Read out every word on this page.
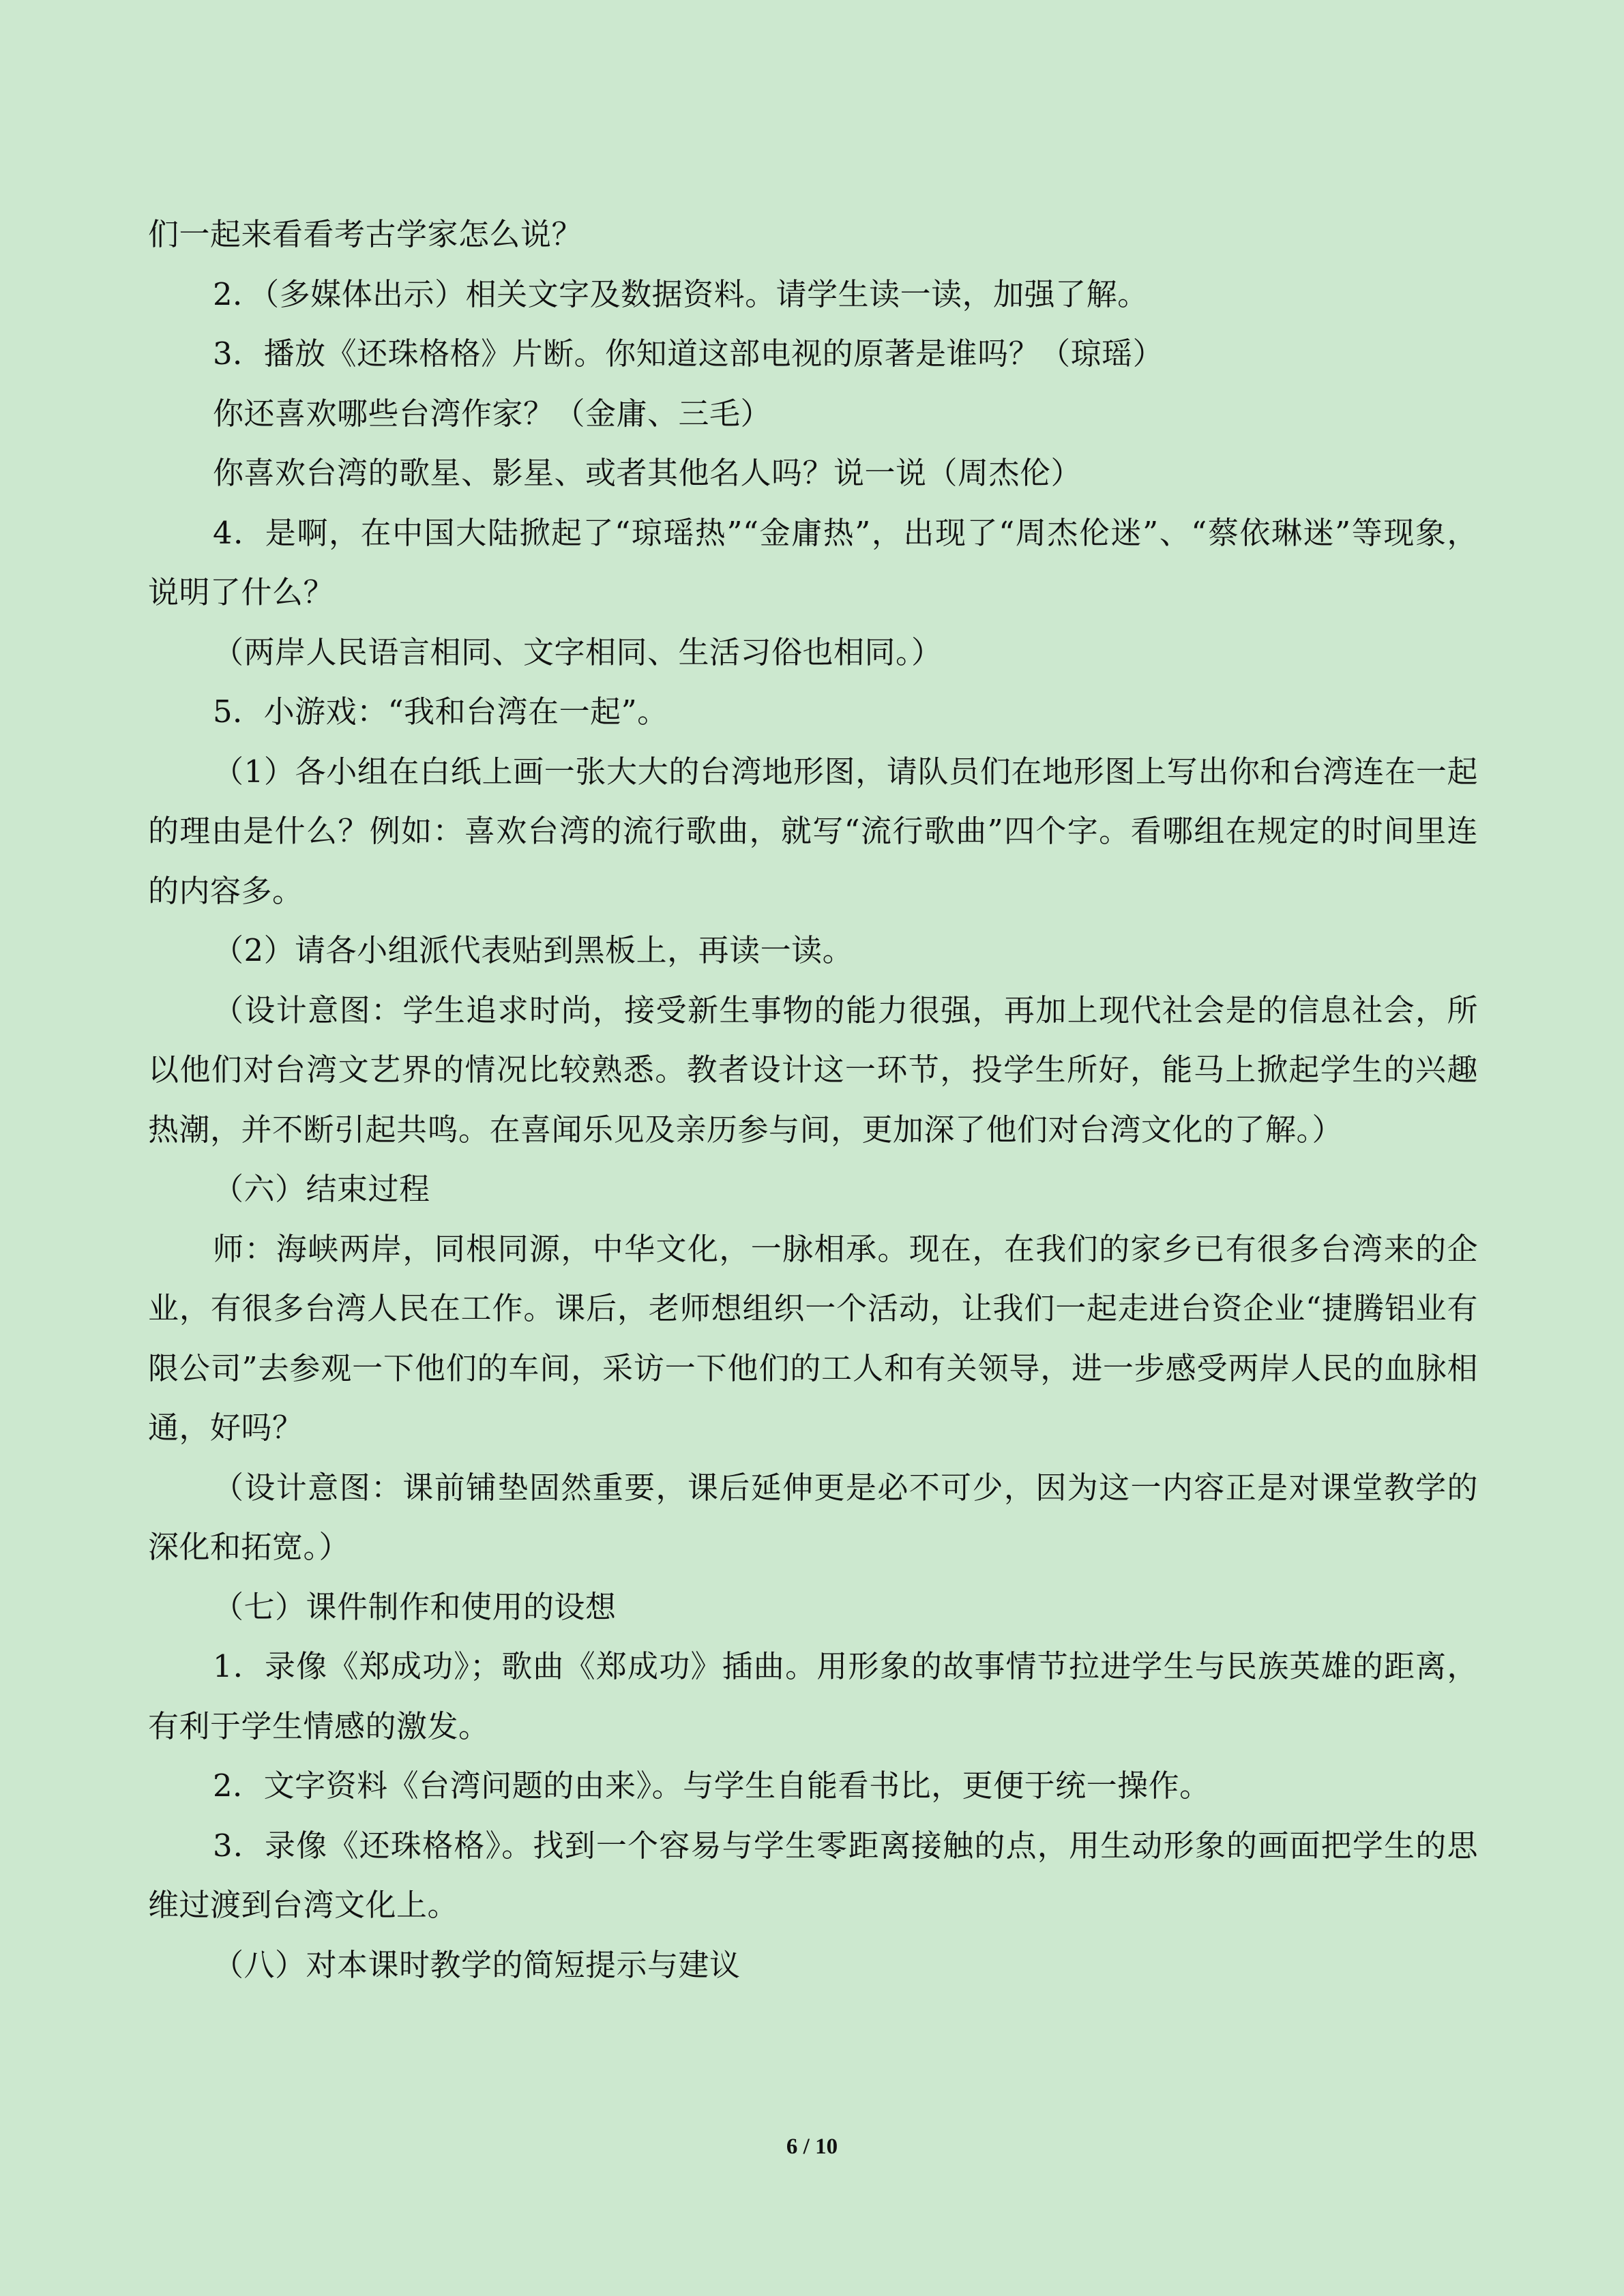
们一起来看看考古学家怎么说？

2．（多媒体出示）相关文字及数据资料。请学生读一读，加强了解。

3．播放《还珠格格》片断。你知道这部电视的原著是谁吗？（琼瑶）

你还喜欢哪些台湾作家？（金庸、三毛）

你喜欢台湾的歌星、影星、或者其他名人吗？说一说（周杰伦）

4．是啊，在中国大陆掀起了“琼瑶热”“金庸热”，出现了“周杰伦迷”、“蔡依琳迷”等现象，说明了什么？

（两岸人民语言相同、文字相同、生活习俗也相同。）

5．小游戏：“我和台湾在一起”。

（1）各小组在白纸上画一张大大的台湾地形图，请队员们在地形图上写出你和台湾连在一起的理由是什么？例如：喜欢台湾的流行歌曲，就写“流行歌曲”四个字。看哪组在规定的时间里连的内容多。

（2）请各小组派代表贴到黑板上，再读一读。

（设计意图：学生追求时尚，接受新生事物的能力很强，再加上现代社会是的信息社会，所以他们对台湾文艺界的情况比较熟悉。教者设计这一环节，投学生所好，能马上掀起学生的兴趣热潮，并不断引起共鸣。在喜闻乐见及亲历参与间，更加深了他们对台湾文化的了解。）

（六）结束过程

师：海峡两岸，同根同源，中华文化，一脉相承。现在，在我们的家乡已有很多台湾来的企业，有很多台湾人民在工作。课后，老师想组织一个活动，让我们一起走进台资企业“捷腾铝业有限公司”去参观一下他们的车间，采访一下他们的工人和有关领导，进一步感受两岸人民的血脉相通，好吗？

（设计意图：课前铺垫固然重要，课后延伸更是必不可少，因为这一内容正是对课堂教学的深化和拓宽。）

（七）课件制作和使用的设想

1．录像《郑成功》；歌曲《郑成功》插曲。用形象的故事情节拉进学生与民族英雄的距离，有利于学生情感的激发。

2．文字资料《台湾问题的由来》。与学生自能看书比，更便于统一操作。

3．录像《还珠格格》。找到一个容易与学生零距离接触的点，用生动形象的画面把学生的思维过渡到台湾文化上。

（八）对本课时教学的简短提示与建议

6 / 10
